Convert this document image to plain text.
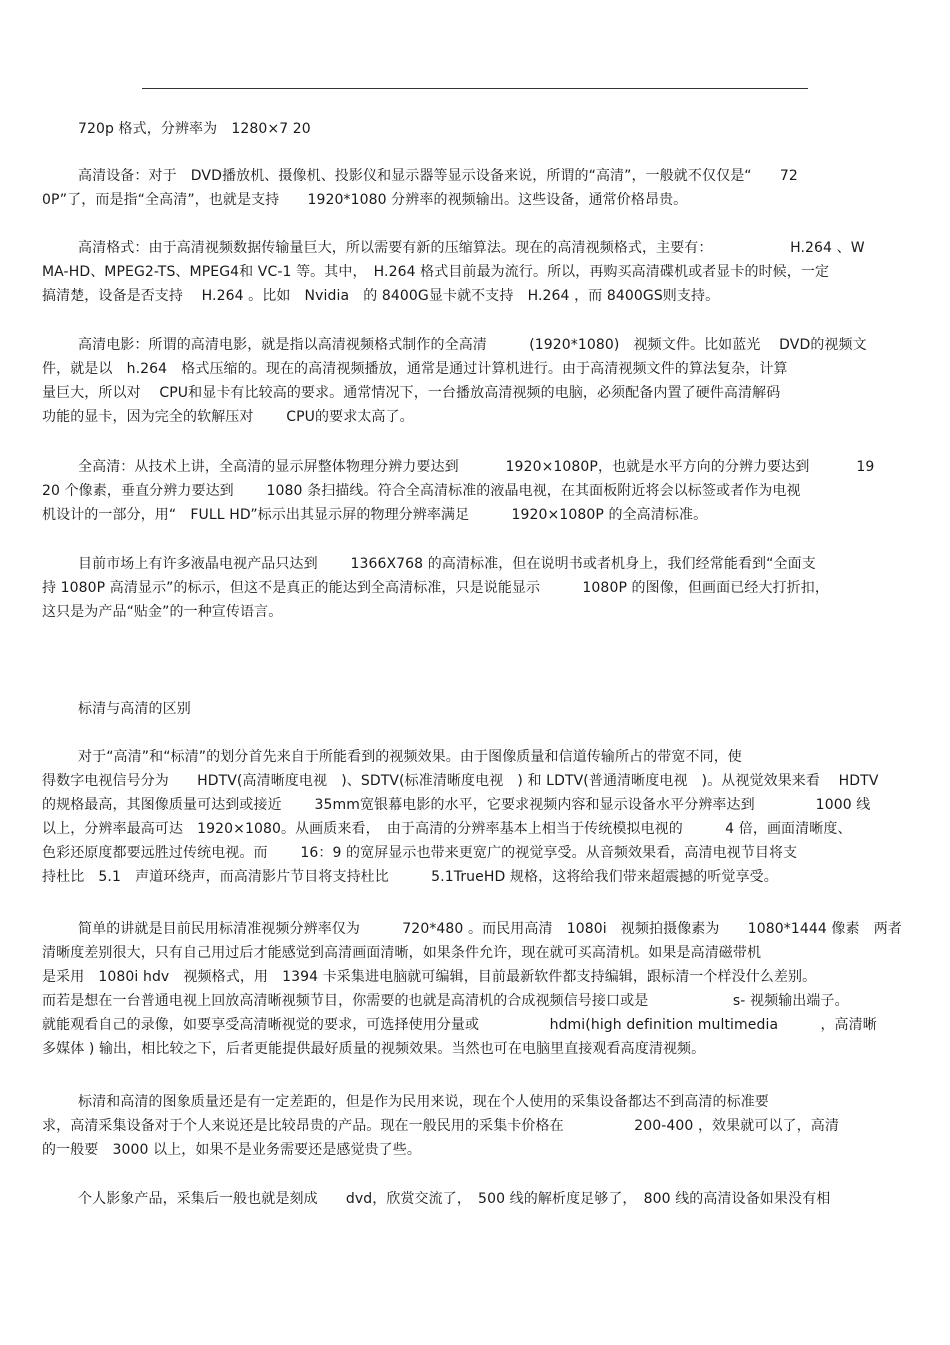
720p 格式，分辨率为　1280×7 20
高清设备：对于　DVD播放机、摄像机、投影仪和显示器等显示设备来说，所谓的“高清”，一般就不仅仅是“　　72
0P”了，而是指“全高清”，也就是支持　　1920*1080 分辨率的视频输出。这些设备，通常价格昂贵。
高清格式：由于高清视频数据传输量巨大，所以需要有新的压缩算法。现在的高清视频格式，主要有：　　　　　　H.264 、W
MA-HD、MPEG2-TS、MPEG4和 VC-1 等。其中，　H.264 格式目前最为流行。所以，再购买高清碟机或者显卡的时候，一定
搞清楚，设备是否支持　 H.264 。比如　Nvidia　的 8400G显卡就不支持　H.264 ，而 8400GS则支持。
高清电影：所谓的高清电影，就是指以高清视频格式制作的全高清　　　(1920*1080)　视频文件。比如蓝光　 DVD的视频文
件，就是以　h.264　格式压缩的。现在的高清视频播放，通常是通过计算机进行。由于高清视频文件的算法复杂，计算
量巨大，所以对　 CPU和显卡有比较高的要求。通常情况下，一台播放高清视频的电脑，必须配备内置了硬件高清解码
功能的显卡，因为完全的软解压对　　 CPU的要求太高了。
全高清：从技术上讲，全高清的显示屏整体物理分辨力要达到　　　 1920×1080P，也就是水平方向的分辨力要达到　　　 19
20 个像素，垂直分辨力要达到　　 1080 条扫描线。符合全高清标准的液晶电视，在其面板附近将会以标签或者作为电视
机设计的一部分，用“　FULL HD”标示出其显示屏的物理分辨率满足　　　1920×1080P 的全高清标准。
目前市场上有许多液晶电视产品只达到　　 1366X768 的高清标准，但在说明书或者机身上，我们经常能看到“全面支
持 1080P 高清显示”的标示，但这不是真正的能达到全高清标准，只是说能显示　　　1080P 的图像，但画面已经大打折扣，
这只是为产品“贴金”的一种宣传语言。
标清与高清的区别
对于“高清”和“标清”的划分首先来自于所能看到的视频效果。由于图像质量和信道传输所占的带宽不同，使
得数字电视信号分为　　HDTV(高清晰度电视　)、SDTV(标准清晰度电视　) 和 LDTV(普通清晰度电视　)。从视觉效果来看　 HDTV
的规格最高，其图像质量可达到或接近　　 35mm宽银幕电影的水平，它要求视频内容和显示设备水平分辨率达到　　　　 1000 线
以上，分辨率最高可达　1920×1080。从画质来看，　由于高清的分辨率基本上相当于传统模拟电视的　　　4 倍，画面清晰度、
色彩还原度都要远胜过传统电视。而　　 16：9 的宽屏显示也带来更宽广的视觉享受。从音频效果看，高清电视节目将支
持杜比　5.1　声道环绕声，而高清影片节目将支持杜比　　　5.1TrueHD 规格，这将给我们带来超震撼的听觉享受。
简单的讲就是目前民用标清准视频分辨率仅为　　　720*480 。而民用高清　1080i　视频拍摄像素为　　1080*1444 像素　两者
清晰度差别很大，只有自己用过后才能感觉到高清画面清晰，如果条件允许，现在就可买高清机。如果是高清磁带机
是采用　1080i hdv　视频格式，用　1394 卡采集进电脑就可编辑，目前最新软件都支持编辑，跟标清一个样没什么差别。
而若是想在一台普通电视上回放高清晰视频节目，你需要的也就是高清机的合成视频信号接口或是　　　　　　s- 视频输出端子。
就能观看自己的录像，如要享受高清晰视觉的要求，可选择使用分量或　　　　　hdmi(high definition multimedia　　　，高清晰
多媒体 ) 输出，相比较之下，后者更能提供最好质量的视频效果。当然也可在电脑里直接观看高度清视频。
标清和高清的图象质量还是有一定差距的，但是作为民用来说，现在个人使用的采集设备都达不到高清的标准要
求，高清采集设备对于个人来说还是比较昂贵的产品。现在一般民用的采集卡价格在　　　　　200-400 ，效果就可以了，高清
的一般要　3000 以上，如果不是业务需要还是感觉贵了些。
个人影象产品，采集后一般也就是刻成　　dvd，欣赏交流了，　500 线的解析度足够了，　800 线的高清设备如果没有相
